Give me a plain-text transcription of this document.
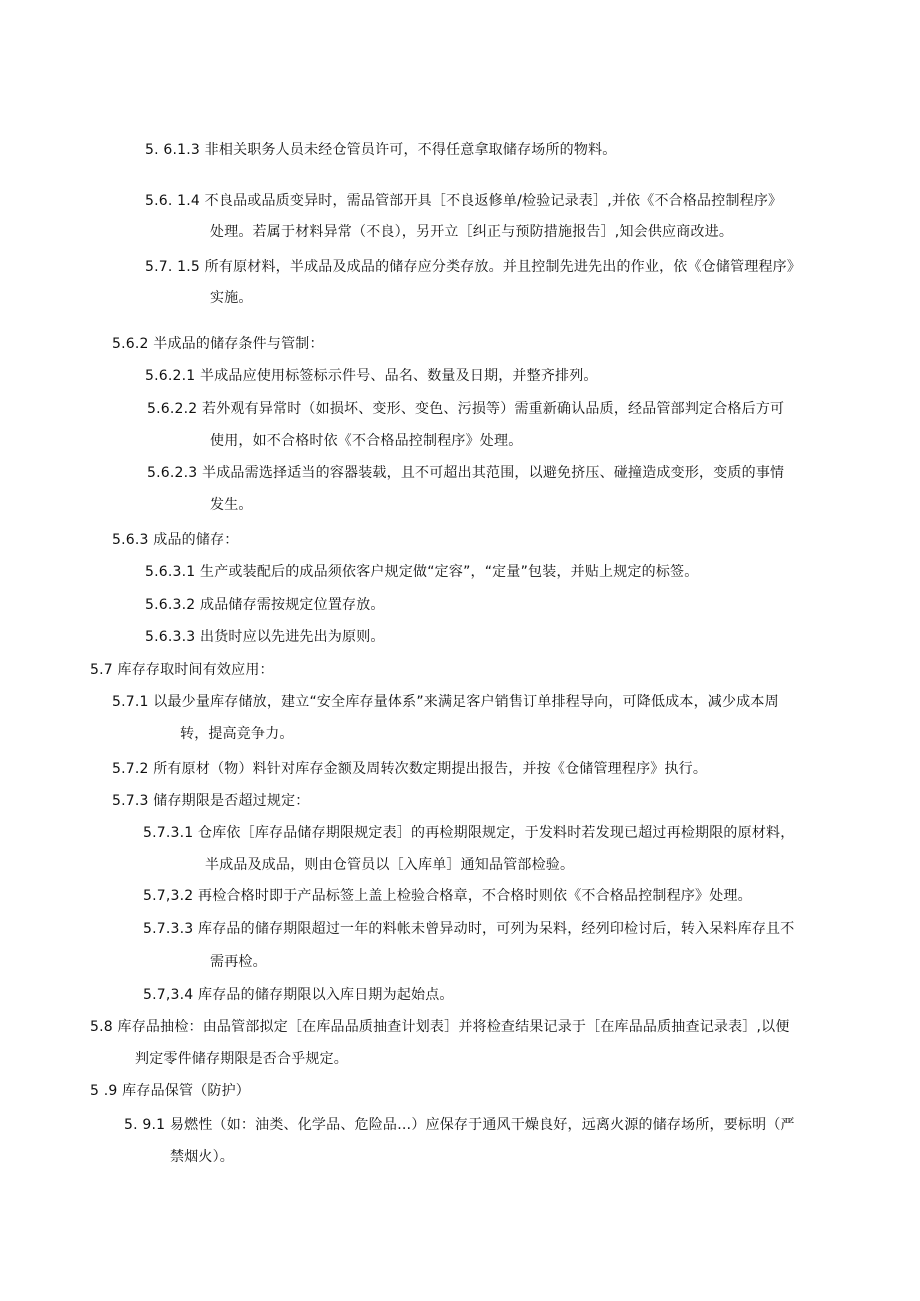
5. 6.1.3 非相关职务人员未经仓管员许可，不得任意拿取储存场所的物料。
5.6. 1.4 不良品或品质变异时，需品管部开具［不良返修单/检验记录表］,并依《不合格品控制程序》
处理。若属于材料异常（不良），另开立［纠正与预防措施报告］,知会供应商改进。
5.7. 1.5 所有原材料，半成品及成品的储存应分类存放。并且控制先进先出的作业，依《仓储管理程序》
实施。
5.6.2 半成品的储存条件与管制：
5.6.2.1 半成品应使用标签标示件号、品名、数量及日期，并整齐排列。
5.6.2.2 若外观有异常时（如损坏、变形、变色、污损等）需重新确认品质，经品管部判定合格后方可
使用，如不合格时依《不合格品控制程序》处理。
5.6.2.3 半成品需选择适当的容器装载，且不可超出其范围，以避免挤压、碰撞造成变形，变质的事情
发生。
5.6.3 成品的储存：
5.6.3.1 生产或装配后的成品须依客户规定做“定容”，“定量”包装，并贴上规定的标签。
5.6.3.2 成品储存需按规定位置存放。
5.6.3.3 出货时应以先进先出为原则。
5.7 库存存取时间有效应用：
5.7.1 以最少量库存储放，建立“安全库存量体系”来满足客户销售订单排程导向，可降低成本，减少成本周
转，提高竞争力。
5.7.2 所有原材（物）料针对库存金额及周转次数定期提出报告，并按《仓储管理程序》执行。
5.7.3 储存期限是否超过规定：
5.7.3.1 仓库依［库存品储存期限规定表］的再检期限规定，于发料时若发现已超过再检期限的原材料，
半成品及成品，则由仓管员以［入库单］通知品管部检验。
5.7,3.2 再检合格时即于产品标签上盖上检验合格章，不合格时则依《不合格品控制程序》处理。
5.7.3.3 库存品的储存期限超过一年的料帐未曾异动时，可列为呆料，经列印检讨后，转入呆料库存且不
需再检。
5.7,3.4 库存品的储存期限以入库日期为起始点。
5.8 库存品抽检：由品管部拟定［在库品品质抽查计划表］并将检查结果记录于［在库品品质抽查记录表］,以便
判定零件储存期限是否合乎规定。
5 .9 库存品保管（防护）
5. 9.1 易燃性（如：油类、化学品、危险品…）应保存于通风干燥良好，远离火源的储存场所，要标明（严
禁烟火）。
